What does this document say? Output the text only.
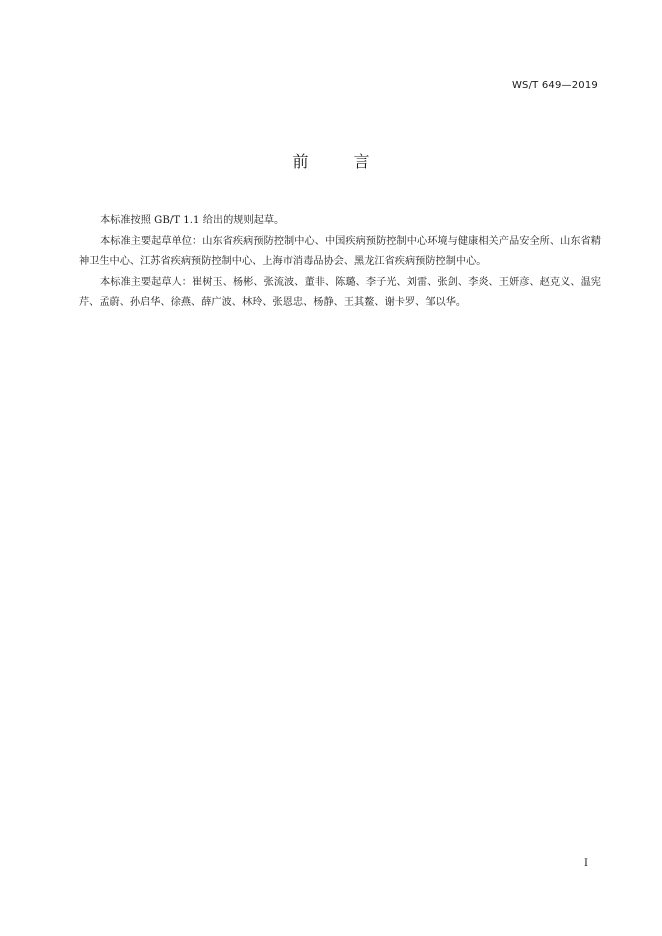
WS/T 649—2019
前 言

本标准按照 GB/T 1.1 给出的规则起草。

本标准主要起草单位：山东省疾病预防控制中心、中国疾病预防控制中心环境与健康相关产品安全所、山东省精神卫生中心、江苏省疾病预防控制中心、上海市消毒品协会、黑龙江省疾病预防控制中心。

本标准主要起草人：崔树玉、杨彬、张流波、董非、陈璐、李子光、刘雷、张剑、李炎、王妍彦、赵克义、温宪芹、孟蔚、孙启华、徐燕、薛广波、林玲、张恩忠、杨静、王其鳌、谢卡罗、邹以华。

I
